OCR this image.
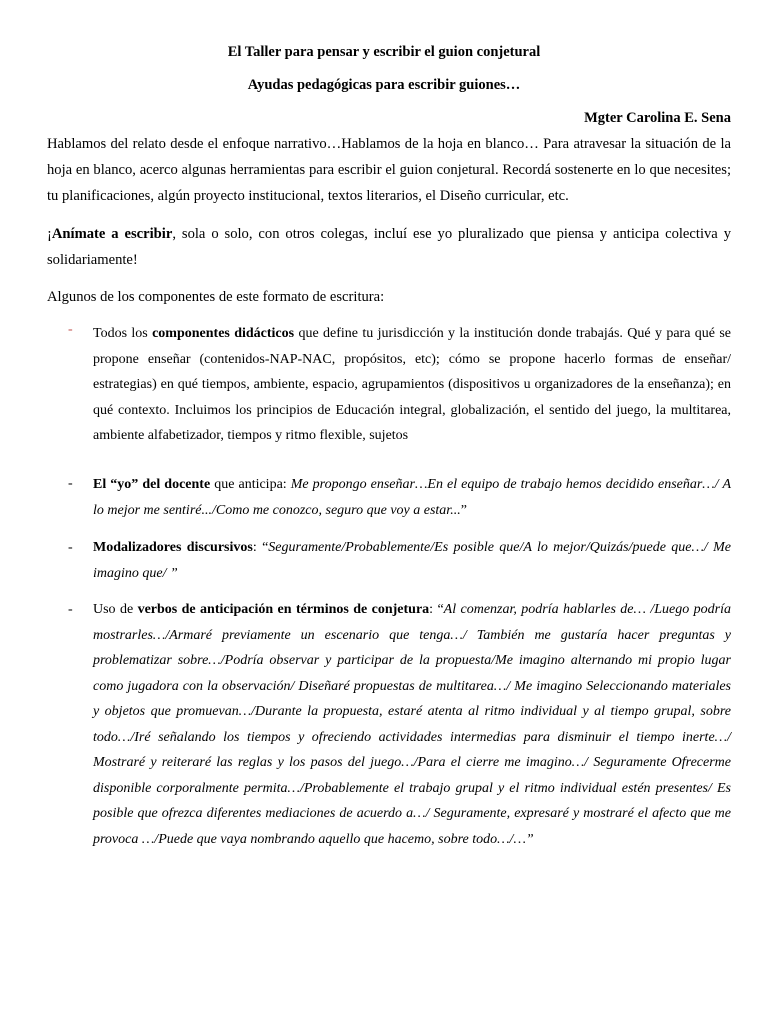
El Taller para pensar y escribir el guion conjetural
Ayudas pedagógicas para escribir guiones…
Mgter Carolina E. Sena

Hablamos del relato desde el enfoque narrativo…Hablamos de la hoja en blanco… Para atravesar la situación de la hoja en blanco, acerco algunas herramientas para escribir el guion conjetural. Recordá sostenerte en lo que necesites; tu planificaciones, algún proyecto institucional, textos literarios, el Diseño curricular, etc.

¡Anímate a escribir, sola o solo, con otros colegas, incluí ese yo pluralizado que piensa y anticipa colectiva y solidariamente!

Algunos de los componentes de este formato de escritura:

- Todos los componentes didácticos que define tu jurisdicción y la institución donde trabajás. Qué y para qué se propone enseñar (contenidos-NAP-NAC, propósitos, etc); cómo se propone hacerlo formas de enseñar/ estrategias) en qué tiempos, ambiente, espacio, agrupamientos (dispositivos u organizadores de la enseñanza); en qué contexto. Incluimos los principios de Educación integral, globalización, el sentido del juego, la multitarea, ambiente alfabetizador, tiempos y ritmo flexible, sujetos

- El “yo” del docente que anticipa: Me propongo enseñar…En el equipo de trabajo hemos decidido enseñar…/ A lo mejor me sentiré.../Como me conozco, seguro que voy a estar...”

- Modalizadores discursivos: “Seguramente/Probablemente/Es posible que/A lo mejor/Quizás/puede que…/ Me imagino que/ ”

- Uso de verbos de anticipación en términos de conjetura: “Al comenzar, podría hablarles de… /Luego podría mostrarles…/Armaré previamente un escenario que tenga…/ También me gustaría hacer preguntas y problematizar sobre…/Podría observar y participar de la propuesta/Me imagino alternando mi propio lugar como jugadora con la observación/ Diseñaré propuestas de multitarea…/ Me imagino Seleccionando materiales y objetos que promuevan…/Durante la propuesta, estaré atenta al ritmo individual y al tiempo grupal, sobre todo…/Iré señalando los tiempos y ofreciendo actividades intermedias para disminuir el tiempo inerte…/ Mostraré y reiteraré las reglas y los pasos del juego…/Para el cierre me imagino…/ Seguramente Ofrecerme disponible corporalmente permita…/Probablemente el trabajo grupal y el ritmo individual estén presentes/ Es posible que ofrezca diferentes mediaciones de acuerdo a…/ Seguramente, expresaré y mostraré el afecto que me provoca …/Puede que vaya nombrando aquello que hacemo, sobre todo…/…”
